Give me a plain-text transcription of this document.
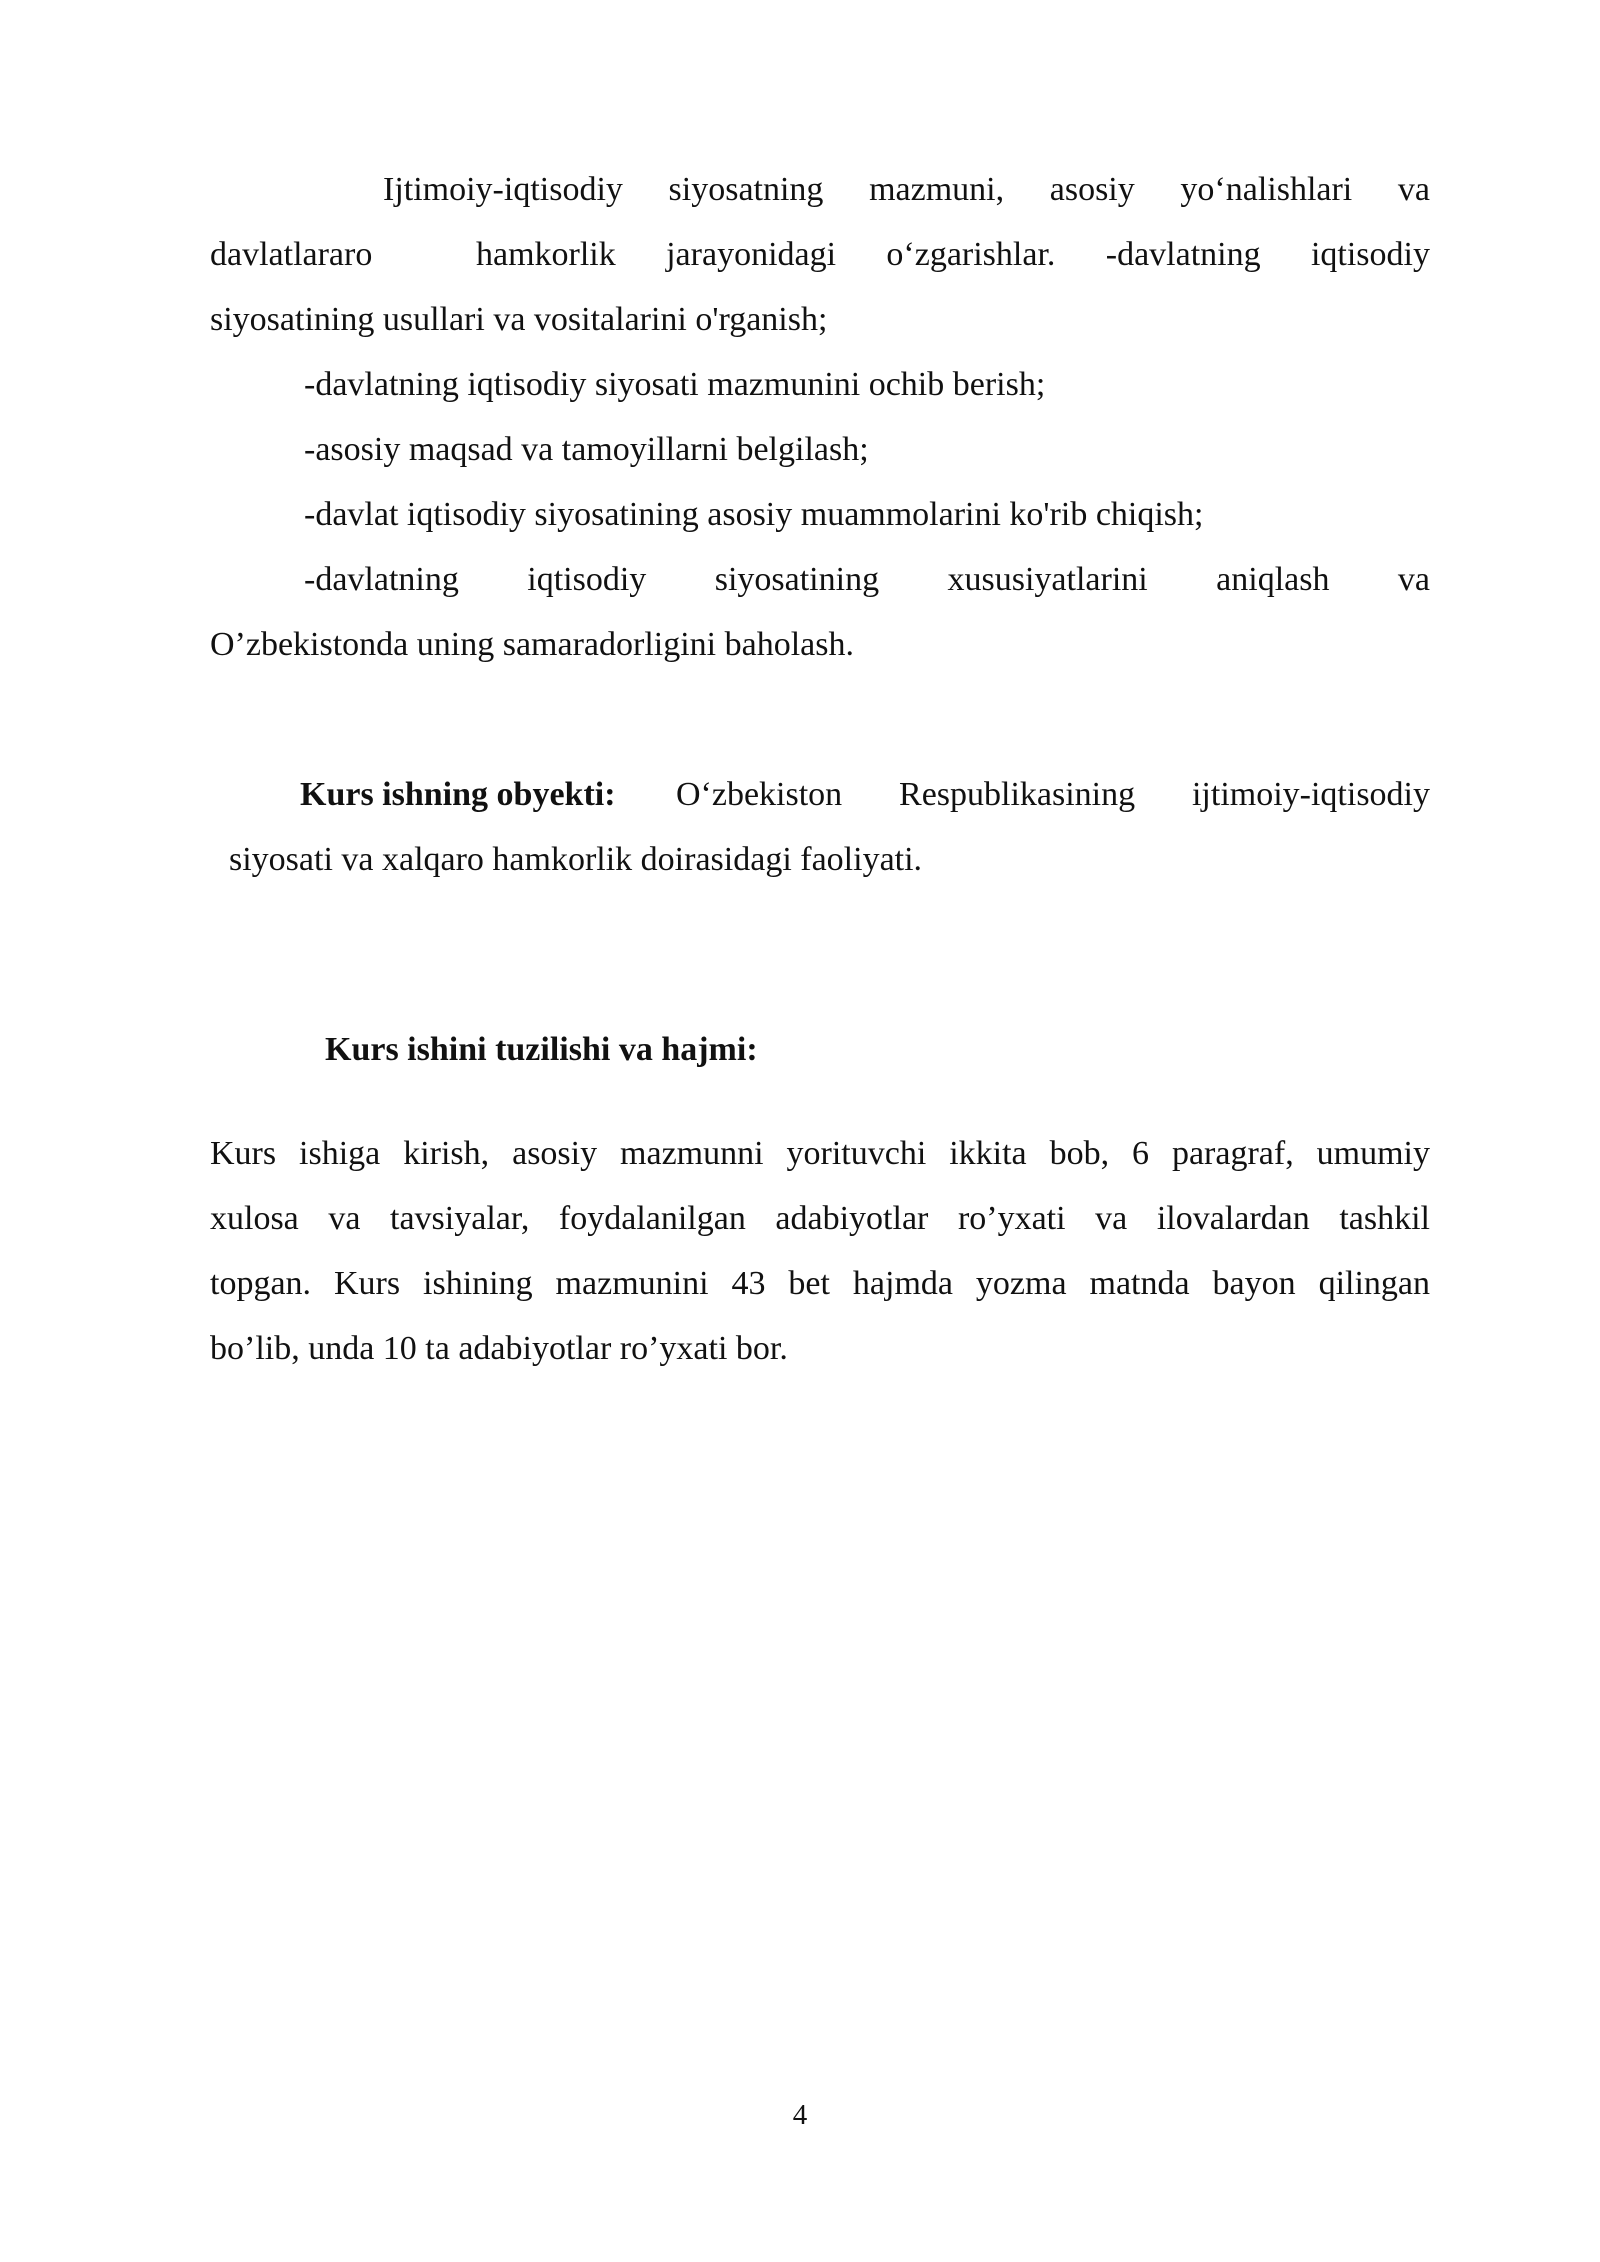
Ijtimoiy-iqtisodiy siyosatning mazmuni, asosiy yo‘nalishlari va
davlatlararo	hamkorlik jarayonidagi o‘zgarishlar. -davlatning iqtisodiy
siyosatining usullari va vositalarini o'rganish;
-davlatning iqtisodiy siyosati mazmunini ochib berish;
-asosiy maqsad va tamoyillarni belgilash;
-davlat iqtisodiy siyosatining asosiy muammolarini ko'rib chiqish;
-davlatning iqtisodiy siyosatining xususiyatlarini aniqlash va
O’zbekistonda uning samaradorligini baholash.
Kurs ishning obyekti: O‘zbekiston Respublikasining ijtimoiy-iqtisodiy
siyosati va xalqaro hamkorlik doirasidagi faoliyati.
Kurs ishini tuzilishi va hajmi:
Kurs ishiga kirish, asosiy mazmunni yorituvchi ikkita bob, 6 paragraf, umumiy
xulosa va tavsiyalar, foydalanilgan adabiyotlar ro’yxati va ilovalardan tashkil
topgan. Kurs ishining mazmunini 43 bet hajmda yozma matnda bayon qilingan
bo’lib, unda 10 ta adabiyotlar ro’yxati bor.
4
